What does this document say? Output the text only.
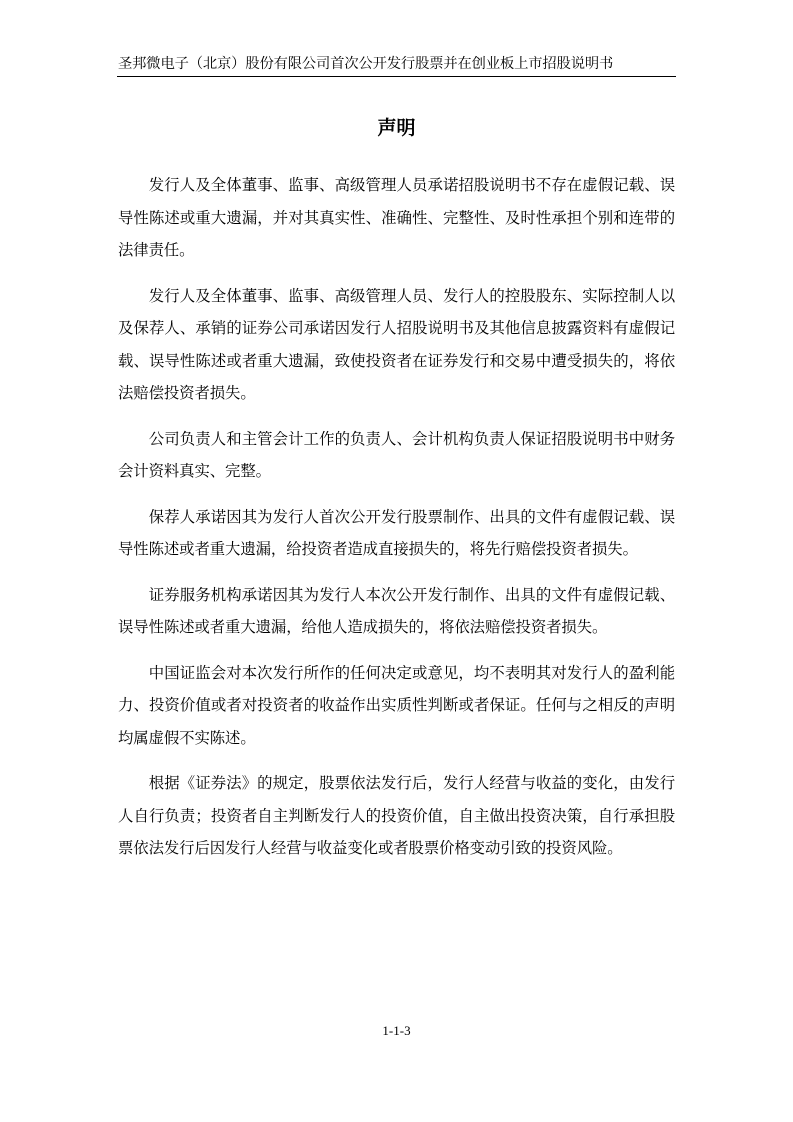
圣邦微电子（北京）股份有限公司首次公开发行股票并在创业板上市招股说明书
声明

发行人及全体董事、监事、高级管理人员承诺招股说明书不存在虚假记载、误导性陈述或重大遗漏，并对其真实性、准确性、完整性、及时性承担个别和连带的法律责任。

发行人及全体董事、监事、高级管理人员、发行人的控股股东、实际控制人以及保荐人、承销的证券公司承诺因发行人招股说明书及其他信息披露资料有虚假记载、误导性陈述或者重大遗漏，致使投资者在证券发行和交易中遭受损失的，将依法赔偿投资者损失。

公司负责人和主管会计工作的负责人、会计机构负责人保证招股说明书中财务会计资料真实、完整。

保荐人承诺因其为发行人首次公开发行股票制作、出具的文件有虚假记载、误导性陈述或者重大遗漏，给投资者造成直接损失的，将先行赔偿投资者损失。

证券服务机构承诺因其为发行人本次公开发行制作、出具的文件有虚假记载、误导性陈述或者重大遗漏，给他人造成损失的，将依法赔偿投资者损失。

中国证监会对本次发行所作的任何决定或意见，均不表明其对发行人的盈利能力、投资价值或者对投资者的收益作出实质性判断或者保证。任何与之相反的声明均属虚假不实陈述。

根据《证券法》的规定，股票依法发行后，发行人经营与收益的变化，由发行人自行负责；投资者自主判断发行人的投资价值，自主做出投资决策，自行承担股票依法发行后因发行人经营与收益变化或者股票价格变动引致的投资风险。

1-1-3
